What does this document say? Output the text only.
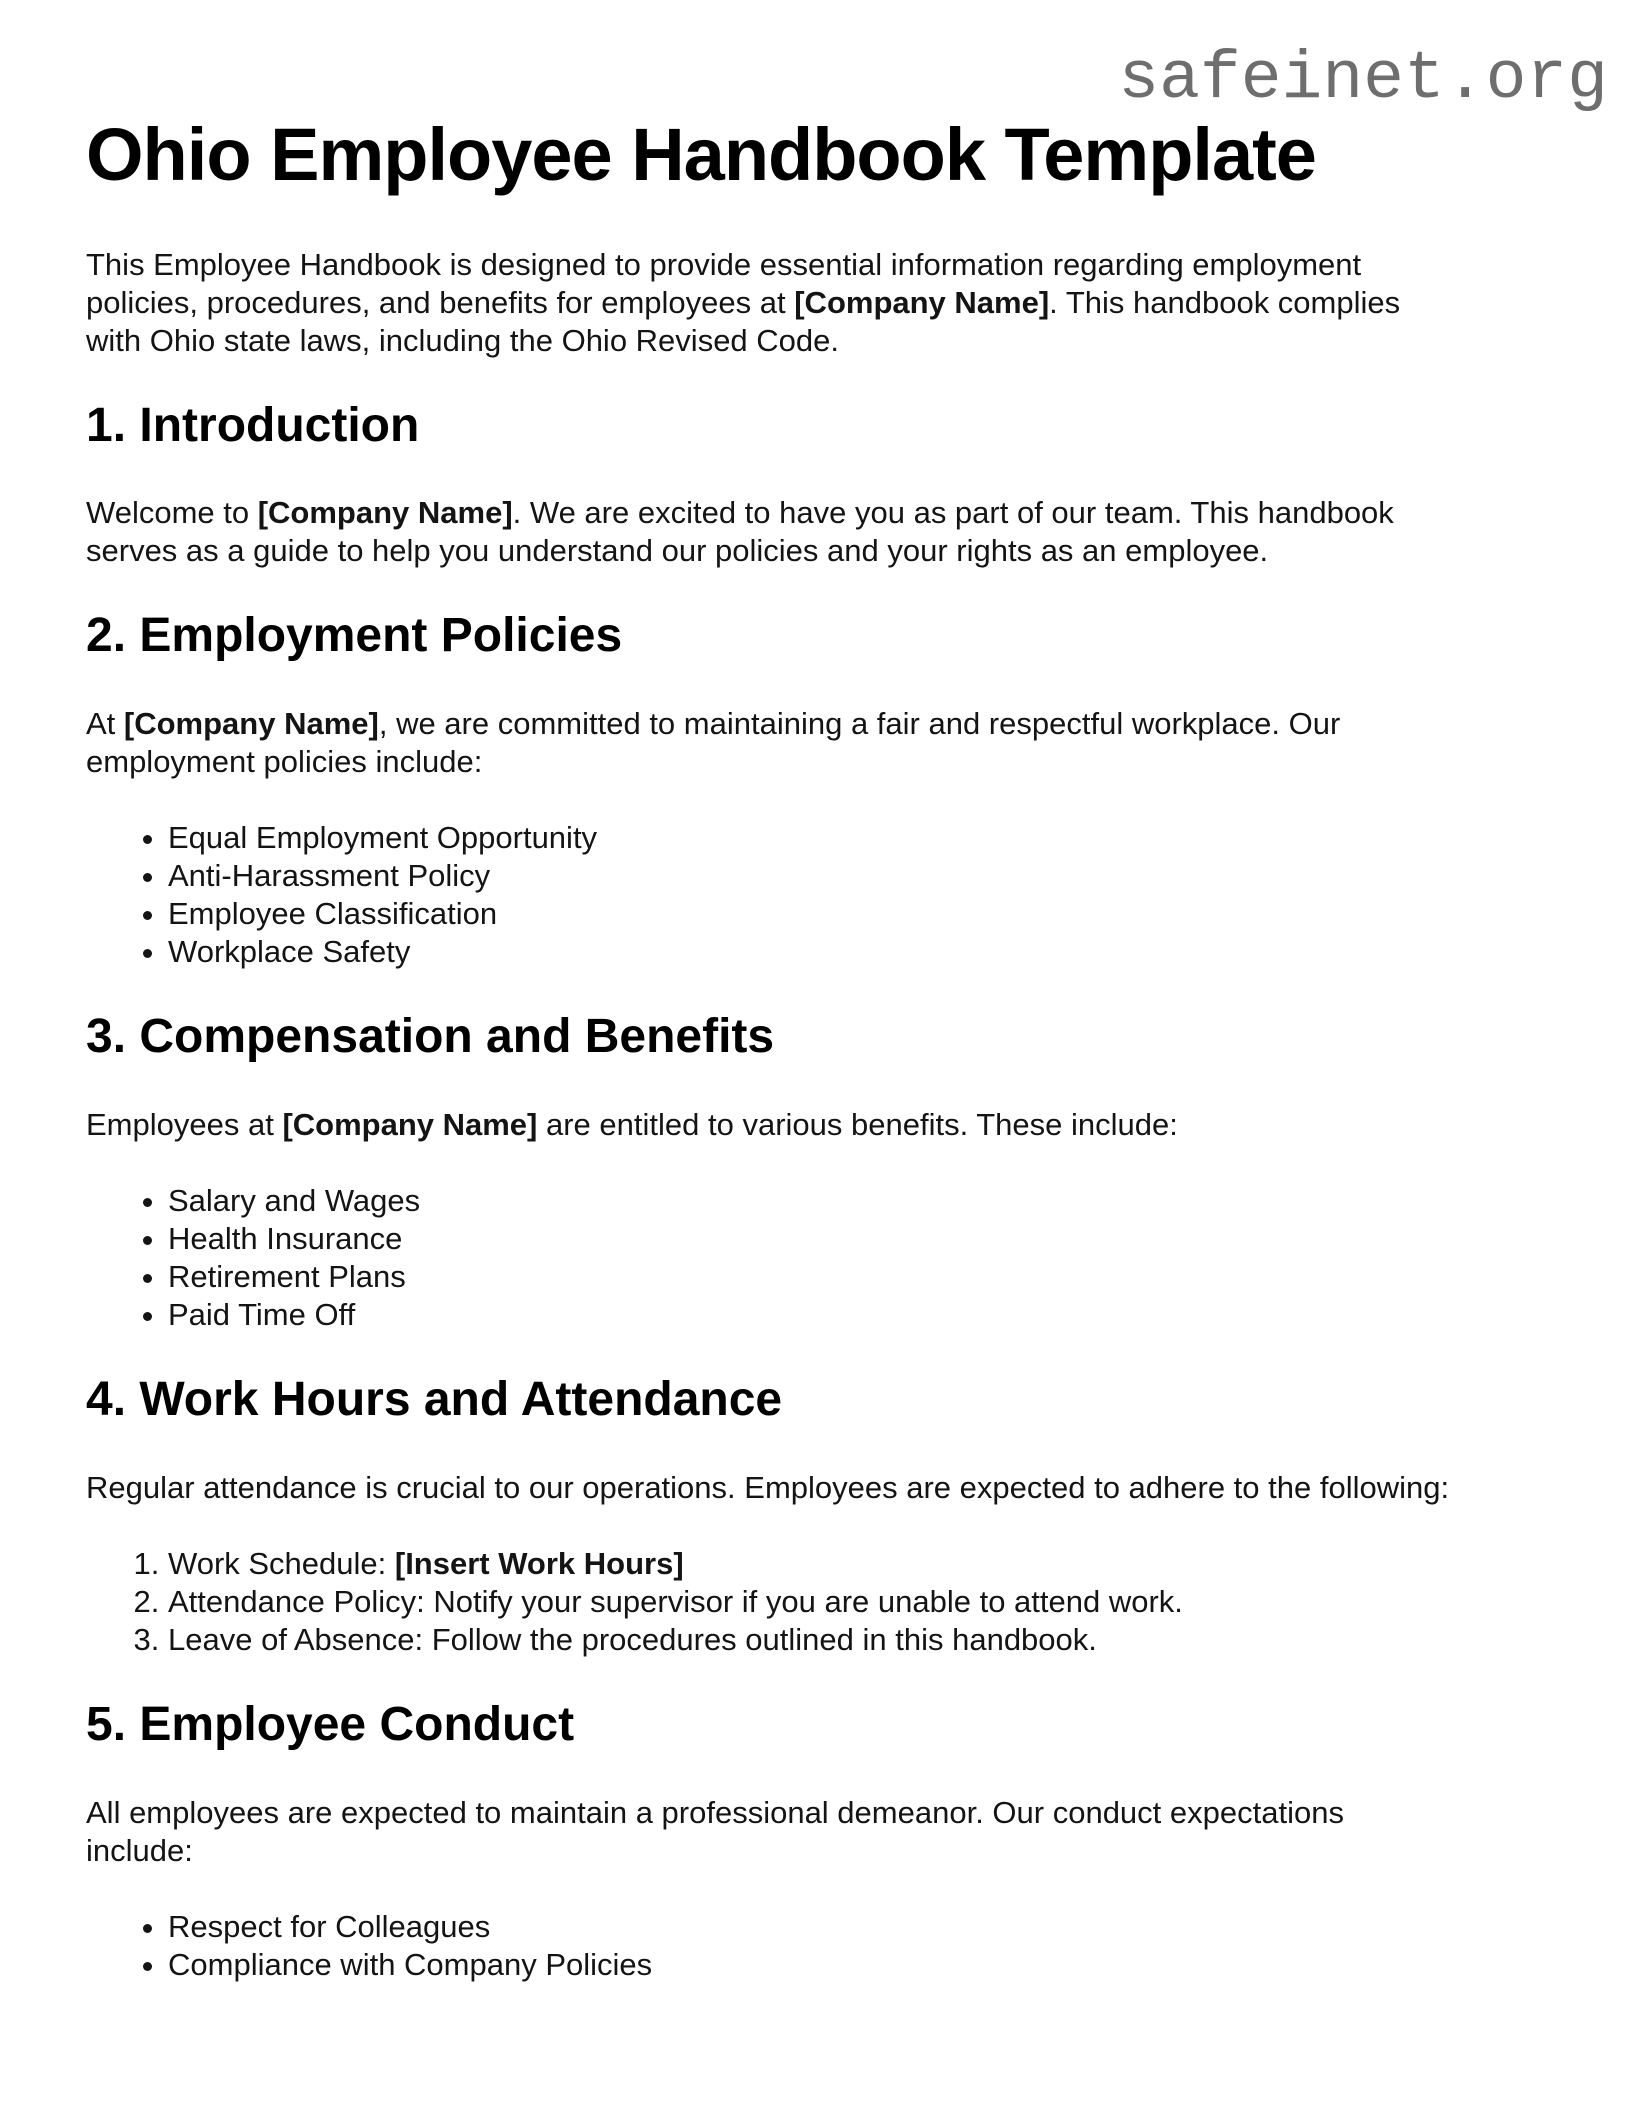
safeinet.org
Ohio Employee Handbook Template

This Employee Handbook is designed to provide essential information regarding employment policies, procedures, and benefits for employees at [Company Name]. This handbook complies with Ohio state laws, including the Ohio Revised Code.

1. Introduction

Welcome to [Company Name]. We are excited to have you as part of our team. This handbook serves as a guide to help you understand our policies and your rights as an employee.

2. Employment Policies

At [Company Name], we are committed to maintaining a fair and respectful workplace. Our employment policies include:

• Equal Employment Opportunity
• Anti-Harassment Policy
• Employee Classification
• Workplace Safety
3. Compensation and Benefits

Employees at [Company Name] are entitled to various benefits. These include:

• Salary and Wages
• Health Insurance
• Retirement Plans
• Paid Time Off
4. Work Hours and Attendance

Regular attendance is crucial to our operations. Employees are expected to adhere to the following:

1. Work Schedule: [Insert Work Hours]
2. Attendance Policy: Notify your supervisor if you are unable to attend work.
3. Leave of Absence: Follow the procedures outlined in this handbook.
5. Employee Conduct

All employees are expected to maintain a professional demeanor. Our conduct expectations include:

• Respect for Colleagues
• Compliance with Company Policies
